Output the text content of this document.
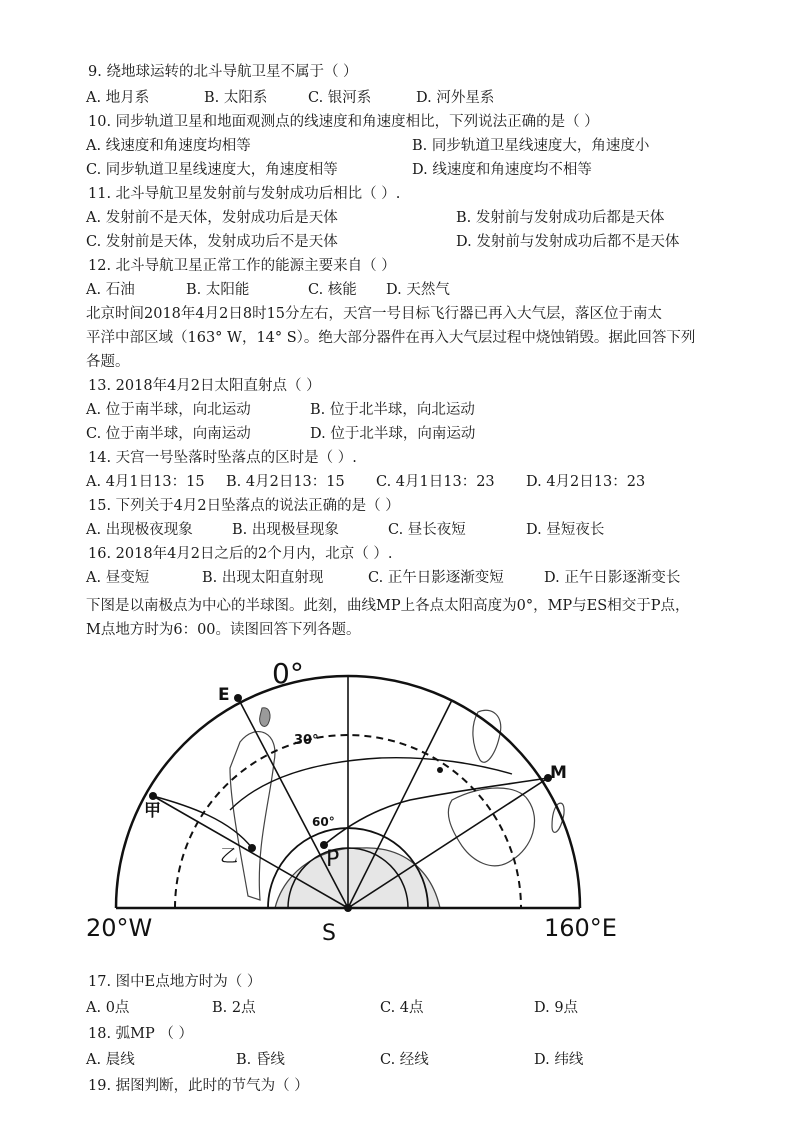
9. 绕地球运转的北斗导航卫星不属于（ ）
A. 地月系	B. 太阳系	C. 银河系	D. 河外星系
10. 同步轨道卫星和地面观测点的线速度和角速度相比，下列说法正确的是（ ）
A. 线速度和角速度均相等	B. 同步轨道卫星线速度大，角速度小
C. 同步轨道卫星线速度大，角速度相等	D. 线速度和角速度均不相等
11. 北斗导航卫星发射前与发射成功后相比（ ）.
A. 发射前不是天体，发射成功后是天体	B. 发射前与发射成功后都是天体
C. 发射前是天体，发射成功后不是天体	D. 发射前与发射成功后都不是天体
12. 北斗导航卫星正常工作的能源主要来自（ ）
A. 石油	B. 太阳能	C. 核能 D. 天然气
北京时间2018年4月2日8时15分左右，天宫一号目标飞行器已再入大气层，落区位于南太
平洋中部区域（163° W，14° S）。绝大部分器件在再入大气层过程中烧蚀销毁。据此回答下列
各题。
13. 2018年4月2日太阳直射点（ ）
A. 位于南半球，向北运动	B. 位于北半球，向北运动
C. 位于南半球，向南运动	D. 位于北半球，向南运动
14. 天宫一号坠落时坠落点的区时是（ ）.
A. 4月1日13：15 B. 4月2日13：15 C. 4月1日13：23 D. 4月2日13：23
15. 下列关于4月2日坠落点的说法正确的是（ ）
A. 出现极夜现象	B. 出现极昼现象	C. 昼长夜短	D. 昼短夜长
16. 2018年4月2日之后的2个月内，北京（ ）.
A. 昼变短	B. 出现太阳直射现	C. 正午日影逐渐变短	D. 正午日影逐渐变长
下图是以南极点为中心的半球图。此刻，曲线MP上各点太阳高度为0°，MP与ES相交于P点，
M点地方时为6：00。读图回答下列各题。
0°
30°
60°
E
M
P
S
甲
乙
20°W	160°E
17. 图中E点地方时为（ ）
A. 0点	B. 2点	C. 4点	D. 9点
18. 弧MP （ ）
A. 晨线	B. 昏线	C. 经线	D. 纬线
19. 据图判断，此时的节气为（ ）
